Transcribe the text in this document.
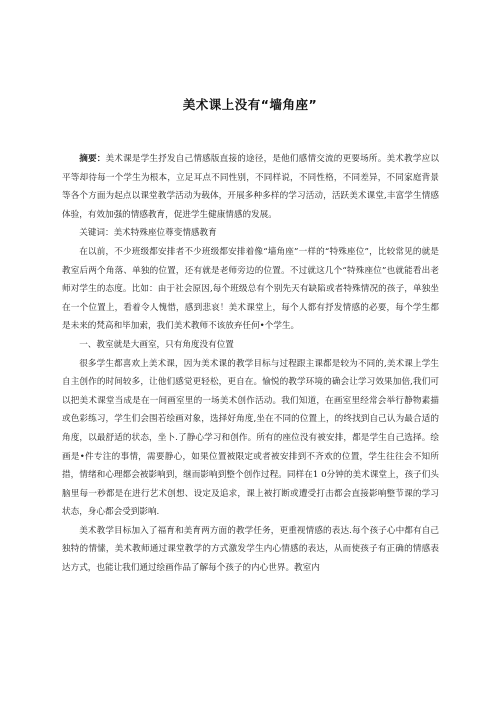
美术课上没有“墙角座”

摘要：美术课是学生抒发自己情感版直接的途径，是他们感情交流的更要场所。美术教学应以平等却待每一个学生为根本，立足耳点不同性别，不同样说，不同性格，不同差异，不同家庭背景等各个方面为起点以课堂教学活动为载体，开展多种多样的学习活动，活跃美术课堂,丰富学生情感体验，有效加强的情感教育，促进学生健康情感的发展。

关键词：美术特殊座位尊变情感教育

在以前，不少班级都安排者不少班级都安排着像“墙角座”一样的“特殊座位”，比较常见的就是教室后两个角落、单独的位置，还有就是老师旁边的位置。不过就这几个“特殊座位”也就能看出老师对学生的态度。比如：由于社会原因,每个班级总有个别先天有缺陷或者特殊情况的孩子，单独坐在一个位置上，看着令人愧惜，感到悲哀！美术课堂上，每个人都有抒发情感的必要，每个学生都是未来的梵高和毕加索，我们美术教师不该放弃任何•个学生。

一、教室就是大画室，只有角度没有位置

很多学生都喜欢上美术课，因为美术课的教学目标与过程跟主课都是较为不同的,美术课上学生自主创作的时间较多，让他们感觉更轻松，更自在。愉悦的教学环境的确会让学习效果加倍,我们可以把美术课堂当成是在一间画室里的一场美术创作活动。我们知道，在画室里经常会举行静物素描或色彩练习，学生们会围若绘画对象，选择好角度,坐在不同的位置上，的终找到自己认为最合适的角度，以最舒适的状态，坐卜.了静心学习和创作。所有的座位没有被安排，都是学生自己选择。绘画是•件专注的事情，需要静心，如果位置被限定或者被安排到不齐欢的位置，学生往往会不知所措，情绪和心理都会被影响到，继而影响到整个创作过程。同样在1 0分钟的美术课堂上，孩子们头脑里每一秒都是在进行艺术创想、设定及追求，课上被打断或遭受打击都会直接影响整节课的学习状态，身心都会受到影响.

美术教学目标加入了福育和美育两方面的教学任务，更重视情感的表达.每个孩子心中都有自己独特的情愫，美术教师通过课堂教学的方式激发学生内心情感的表达，从而使孩子有正确的情感表达方式，也能让我们通过绘画作品了解每个孩子的内心世界。教室内
